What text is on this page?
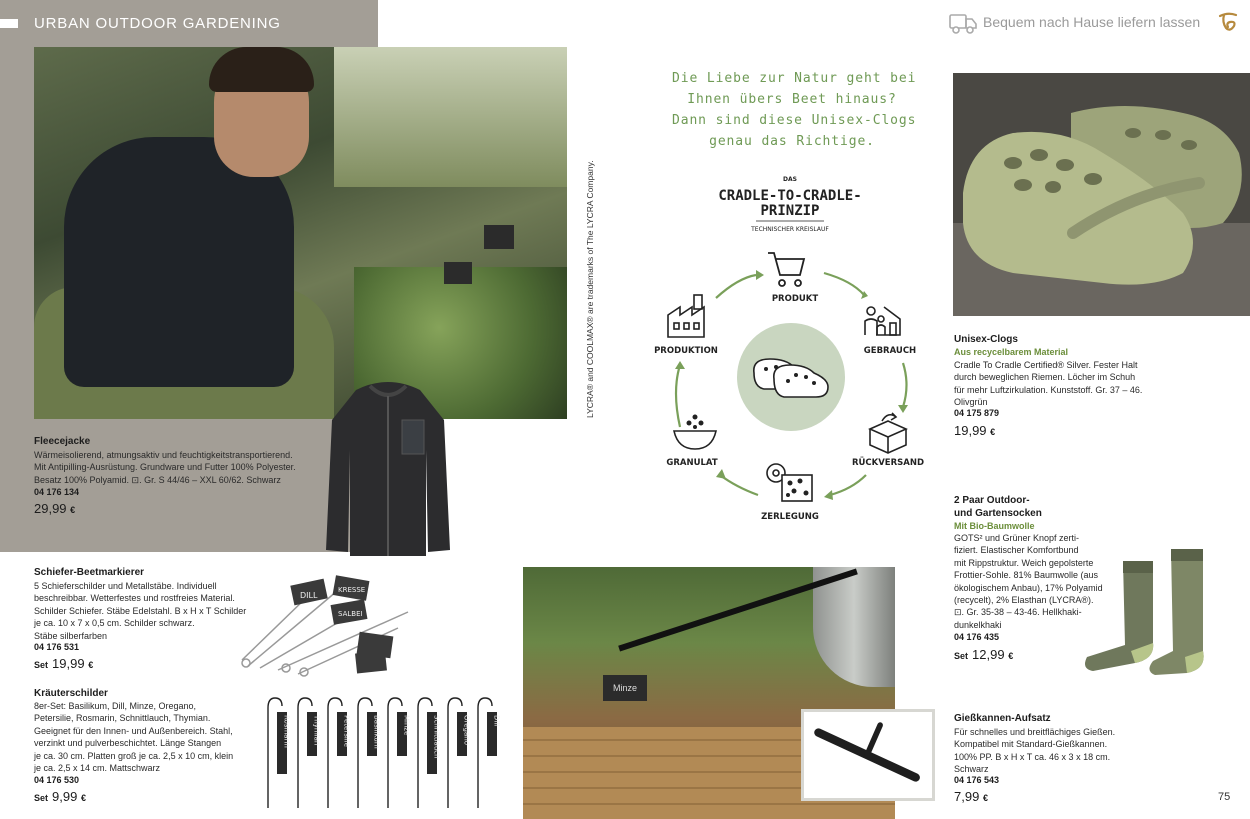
URBAN OUTDOOR GARDENING
Fleecejacke
Wärmeisolierend, atmungsaktiv und feuchtigkeitstransportierend.
Mit Antipilling-Ausrüstung. Grundware und Futter 100% Polyester.
Besatz 100% Polyamid. ⊡. Gr. S 44/46 – XXL 60/62. Schwarz
04 176 134
29,99 €
Schiefer-Beetmarkierer
5 Schieferschilder und Metallstäbe. Individuell
beschreibbar. Wetterfestes und rostfreies Material.
Schilder Schiefer. Stäbe Edelstahl. B x H x T Schilder
je ca. 10 x 7 x 0,5 cm. Schilder schwarz.
Stäbe silberfarben
04 176 531
Set 19,99 €
DILL
KRESSE
SALBEI
Kräuterschilder
8er-Set: Basilikum, Dill, Minze, Oregano,
Petersilie, Rosmarin, Schnittlauch, Thymian.
Geeignet für den Innen- und Außenbereich. Stahl,
verzinkt und pulverbeschichtet. Länge Stangen
je ca. 30 cm. Platten groß je ca. 2,5 x 10 cm, klein
je ca. 2,5 x 14 cm. Mattschwarz
04 176 530
Set 9,99 €
Rosmarin	Thymian	Petersilie	Basilikum	Minze	Schnittlauch	Oregano	Dill
LYCRA® and COOLMAX® are trademarks of The LYCRA Company.
Bequem nach Hause liefern lassen
Die Liebe zur Natur geht bei
Ihnen übers Beet hinaus?
Dann sind diese Unisex-Clogs
genau das Richtige.
DAS
CRADLE-TO-CRADLE-
PRINZIP
TECHNISCHER KREISLAUF
PRODUKT
GEBRAUCH
RÜCKVERSAND
ZERLEGUNG
GRANULAT
PRODUKTION
Unisex-Clogs
Aus recycelbarem Material
Cradle To Cradle Certified® Silver. Fester Halt
durch beweglichen Riemen. Löcher im Schuh
für mehr Luftzirkulation. Kunststoff. Gr. 37 – 46.
Olivgrün
04 175 879
19,99 €
2 Paar Outdoor-
und Gartensocken
Mit Bio-Baumwolle
GOTS² und Grüner Knopf zerti-
fiziert. Elastischer Komfortbund
mit Rippstruktur. Weich gepolsterte
Frottier-Sohle. 81% Baumwolle (aus
ökologischem Anbau), 17% Polyamid
(recycelt), 2% Elasthan (LYCRA®).
⊡. Gr. 35-38 – 43-46. Hellkhaki-
dunkelkhaki
04 176 435
Set 12,99 €
Minze
Gießkannen-Aufsatz
Für schnelles und breitflächiges Gießen.
Kompatibel mit Standard-Gießkannen.
100% PP. B x H x T ca. 46 x 3 x 18 cm.
Schwarz
04 176 543
7,99 €	75
